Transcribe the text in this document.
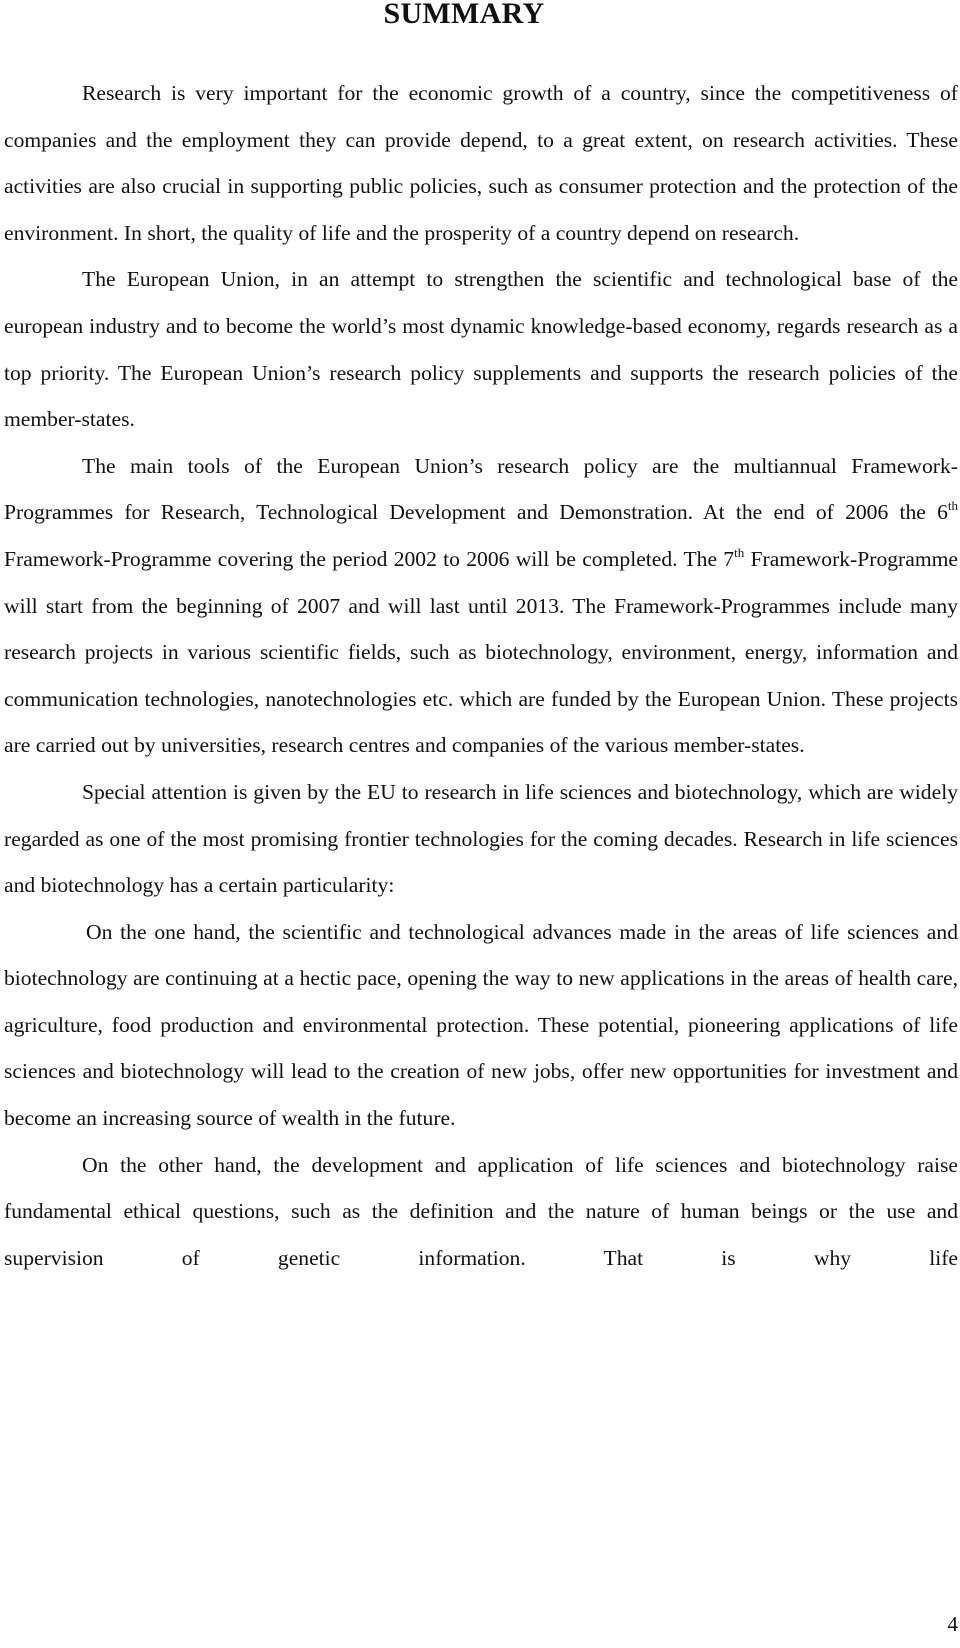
SUMMARY

Research is very important for the economic growth of a country, since the competitiveness of companies and the employment they can provide depend, to a great extent, on research activities. These activities are also crucial in supporting public policies, such as consumer protection and the protection of the environment. In short, the quality of life and the prosperity of a country depend on research.

The European Union, in an attempt to strengthen the scientific and technological base of the european industry and to become the world’s most dynamic knowledge-based economy, regards research as a top priority. The European Union’s research policy supplements and supports the research policies of the member-states.

The main tools of the European Union’s research policy are the multiannual Framework-Programmes for Research, Technological Development and Demonstration. At the end of 2006 the 6th Framework-Programme covering the period 2002 to 2006 will be completed. The 7th Framework-Programme will start from the beginning of 2007 and will last until 2013. The Framework-Programmes include many research projects in various scientific fields, such as biotechnology, environment, energy, information and communication technologies, nanotechnologies etc. which are funded by the European Union. These projects are carried out by universities, research centres and companies of the various member-states.

Special attention is given by the EU to research in life sciences and biotechnology, which are widely regarded as one of the most promising frontier technologies for the coming decades. Research in life sciences and biotechnology has a certain particularity:

On the one hand, the scientific and technological advances made in the areas of life sciences and biotechnology are continuing at a hectic pace, opening the way to new applications in the areas of health care, agriculture, food production and environmental protection. These potential, pioneering applications of life sciences and biotechnology will lead to the creation of new jobs, offer new opportunities for investment and become an increasing source of wealth in the future.

On the other hand, the development and application of life sciences and biotechnology raise fundamental ethical questions, such as the definition and the nature of human beings or the use and supervision of genetic information. That is why life

4
